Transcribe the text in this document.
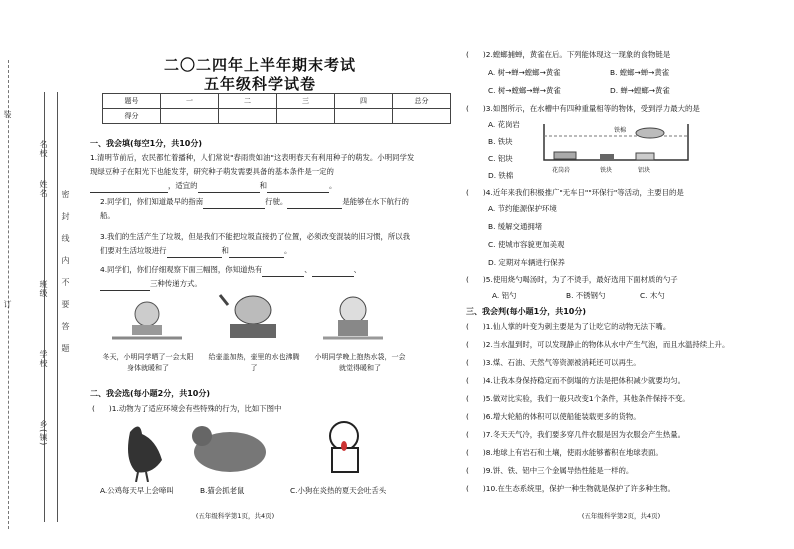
名校
姓名
班级
学校
乡(镇)
密
封
线
内
不
要
答
题
装
订
二〇二四年上半年期末考试
五年级科学试卷
题号	一	二	三	四	总分
得分					
一、我会填(每空1分，共10分)
1.清明节前后，农民都忙着播种，人们常说"春雨贵如油"这表明春天有利用种子的萌发。小明同学发现绿豆种子在阳光下也能发芽，研究种子萌发需要具备的基本条件是一定的
，适宜的	和	。
2.同学们，你们知道最早的指南	行驶。	是能够在水下航行的船。
3.我们的生活产生了垃圾，但是我们不能把垃圾直接扔了位置，必须改变混装的旧习惯，所以我们要对生活垃圾进行	和	。
4.同学们，你们仔细观察下面三幅图，你知道热有	、	、
三种传递方式。
冬天，小明同学晒了一会太阳身体就暖和了
给壶盖加热，壶里的水也沸腾了
小明同学晚上抱热水袋，一会就觉得暖和了
二、我会选(每小题2分，共10分)
( )1.动物为了适应环境会有些特殊的行为，比如下图中
A.公鸡每天早上会啼叫	B.猫会抓老鼠	C.小狗在炎热的夏天会吐舌头
(五年级科学第1页，共4页)
( )2.螳螂捕蝉，黄雀在后。下列能体现这一现象的食物链是
A. 树→蝉→螳螂→黄雀	B. 螳螂→蝉→黄雀
C. 树→螳螂→蝉→黄雀	D. 蝉→螳螂→黄雀
( )3.如图所示，在水槽中有四种重量相等的物体，受到浮力最大的是
A. 花岗岩
B. 铁块
C. 铝块
D. 铁棉
铁棉
花岗岩	铁块	铝块
( )4.近年来我们积极推广"无车日""环保行"等活动，主要目的是
A. 节约能源保护环境
B. 缓解交通拥堵
C. 使城市容貌更加美观
D. 定期对车辆进行保养
( )5.使用烧勺喝汤时，为了不烫手，最好选用下面材质的勺子
A. 铝勺	B. 不锈钢勺	C. 木勺
三、我会判(每小题1分，共10分)
( )1.仙人掌的叶变为刺主要是为了让吃它的动物无法下嘴。
( )2.当水温到时，可以发现静止的物体从水中产生气泡，而且水温持续上升。
( )3.煤、石油、天然气等资源被消耗还可以再生。
( )4.让我本身保持稳定而不倒塌的方法是把体积减少就要均匀。
( )5.做对比实验，我们一般只改变1个条件，其他条件保持不变。
( )6.增大轮船的体积可以使船能装载更多的货物。
( )7.冬天天气冷，我们要多穿几件衣服是因为衣服会产生热量。
( )8.地球上有岩石和土壤，使雨水能够蓄积在地球表面。
( )9.饼、铁、铝中三个金属导热性能是一样的。
( )10.在生态系统里，保护一种生物就是保护了许多种生物。
(五年级科学第2页，共4页)
